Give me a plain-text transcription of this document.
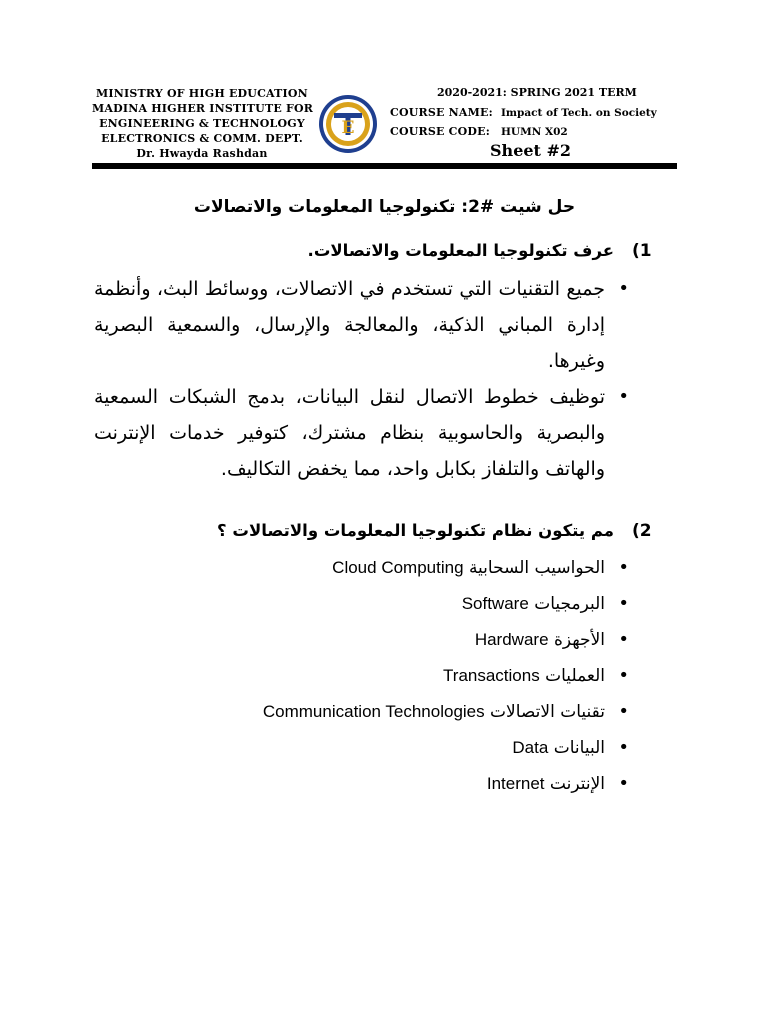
MINISTRY OF HIGH EDUCATION
MADINA HIGHER INSTITUTE FOR
ENGINEERING & TECHNOLOGY
ELECTRONICS & COMM. DEPT.
Dr. Hwayda Rashdan
E
2020-2021: SPRING 2021 TERM
COURSE NAME: Impact of Tech. on Society
COURSE CODE: HUMN X02
Sheet #2
حل شيت #2: تكنولوجيا المعلومات والاتصالات
1)عرف تكنولوجيا المعلومات والاتصالات.
• جميع التقنيات التي تستخدم في الاتصالات، ووسائط البث، وأنظمة إدارة المباني الذكية، والمعالجة والإرسال، والسمعية البصرية وغيرها.
• توظيف خطوط الاتصال لنقل البيانات، بدمج الشبكات السمعية والبصرية والحاسوبية بنظام مشترك، كتوفير خدمات الإنترنت والهاتف والتلفاز بكابل واحد، مما يخفض التكاليف.
2)مم يتكون نظام تكنولوجيا المعلومات والاتصالات ؟
• الحواسيب السحابية Cloud Computing
• البرمجيات Software
• الأجهزة Hardware
• العمليات Transactions
• تقنيات الاتصالات Communication Technologies
• البيانات Data
• الإنترنت Internet
